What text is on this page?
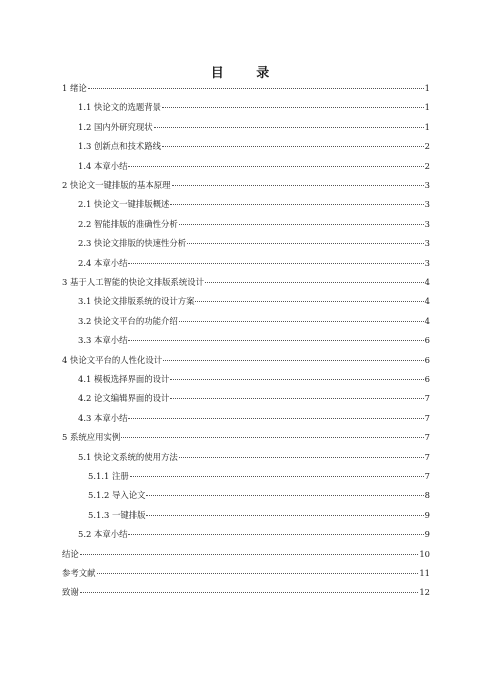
目 录
1 绪论	1
1.1 快论文的选题背景	1
1.2 国内外研究现状	1
1.3 创新点和技术路线	2
1.4 本章小结	2
2 快论文一键排版的基本原理	3
2.1 快论文一键排版概述	3
2.2 智能排版的准确性分析	3
2.3 快论文排版的快速性分析	3
2.4 本章小结	3
3 基于人工智能的快论文排版系统设计	4
3.1 快论文排版系统的设计方案	4
3.2 快论文平台的功能介绍	4
3.3 本章小结	6
4 快论文平台的人性化设计	6
4.1 模板选择界面的设计	6
4.2 论文编辑界面的设计	7
4.3 本章小结	7
5 系统应用实例	7
5.1 快论文系统的使用方法	7
5.1.1 注册	7
5.1.2 导入论文	8
5.1.3 一键排版	9
5.2 本章小结	9
结论	10
参考文献	11
致谢	12
